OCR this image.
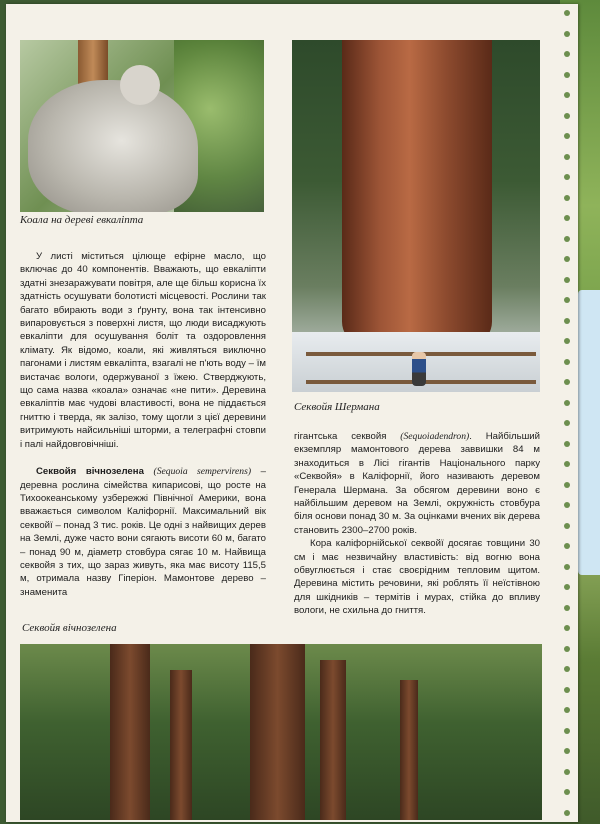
Коала на дереві евкаліпта
Секвойя Шермана

У листі міститься цілюще ефірне масло, що включає до 40 компонентів. Вважають, що евкаліпти здатні знезаражувати повітря, але ще більш корисна їх здатність осушувати болотисті місцевості. Рослини так багато вбирають води з ґрунту, вона так інтенсивно випаровується з поверхні листя, що люди висаджують евкаліпти для осушування боліт та оздоровлення клімату. Як відомо, коали, які живляться виключно пагонами і листям евкаліпта, взагалі не п'ють воду – їм вистачає вологи, одержуваної з їжею. Стверджують, що сама назва «коала» означає «не пити». Деревина евкаліптів має чудові властивості, вона не піддається гниттю і тверда, як залізо, тому щогли з цієї деревини витримують найсильніші шторми, а телеграфні стовпи і палі найдовговічніші.

Секвойя вічнозелена (Sequoia sempervirens) – деревна рослина сімейства кипарисові, що росте на Тихоокеанському узбережжі Північної Америки, вона вважається символом Каліфорнії. Максимальний вік секвойї – понад 3 тис. років. Це одні з найвищих дерев на Землі, дуже часто вони сягають висоти 60 м, багато – понад 90 м, діаметр стовбура сягає 10 м. Найвища секвойя з тих, що зараз живуть, яка має висоту 115,5 м, отримала назву Гіперіон. Мамонтове дерево – знаменита

гігантська секвойя (Sequoiadendron). Найбільший екземпляр мамонтового дерева заввишки 84 м знаходиться в Лісі гігантів Національного парку «Секвойя» в Каліфорнії, його називають деревом Генерала Шермана. За обсягом деревини воно є найбільшим деревом на Землі, окружність стовбура біля основи понад 30 м. За оцінками вчених вік дерева становить 2300–2700 років.

Кора каліфорнійської секвойї досягає товщини 30 см і має незвичайну властивість: від вогню вона обвуглюється і стає своєрідним тепловим щитом. Деревина містить речовини, які роблять її неїстівною для шкідників – термітів і мурах, стійка до впливу вологи, не схильна до гниття.

Секвойя вічнозелена
